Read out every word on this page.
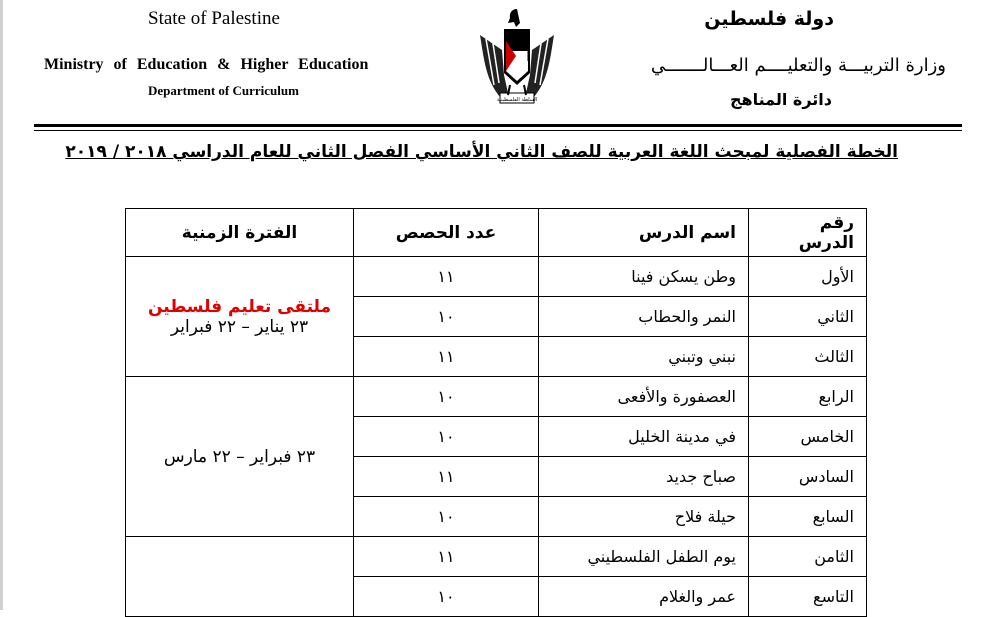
State of Palestine
Ministry of Education & Higher Education
Department of Curriculum
دولة فلسطين
وزارة التربيـــة والتعليــــم العـــالـــــــي
دائرة المناهج
السلطة الفلسطينية
الخطة الفصلية لمبحث اللغة العربية للصف الثاني الأساسي الفصل الثاني للعام الدراسي ٢٠١٨ / ٢٠١٩
رقم الدرس	اسم الدرس	عدد الحصص	الفترة الزمنية
الأول	وطن يسكن فينا	١١	ملتقى تعليم فلسطين
٢٣ يناير – ٢٢ فبراير

الثاني	النمر والحطاب	١٠	
الثالث	نبني وتبني	١١	
الرابع	العصفورة والأفعى	١٠	٢٣ فبراير – ٢٢ مارس

الخامس	في مدينة الخليل	١٠	
السادس	صباح جديد	١١	
السابع	حيلة فلاح	١٠	
الثامن	يوم الطفل الفلسطيني	١١	
التاسع	عمر والغلام	١٠	
